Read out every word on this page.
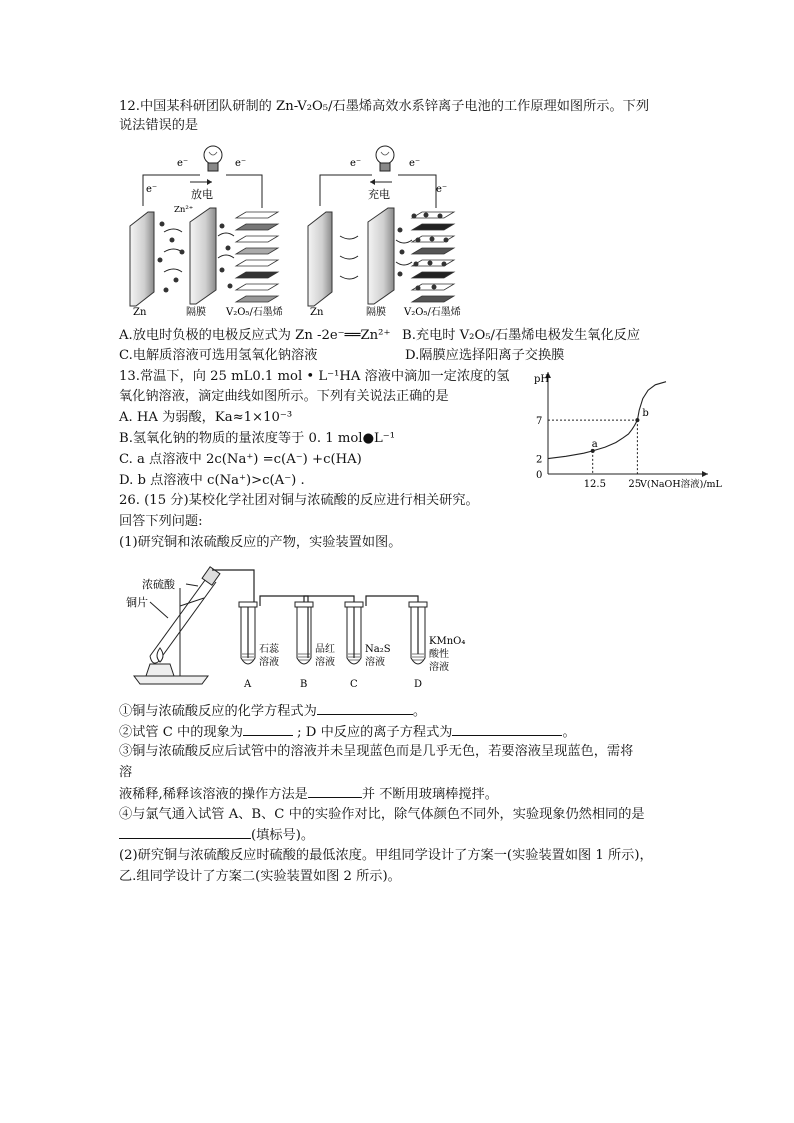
12.中国某科研团队研制的 Zn-V₂O₅/石墨烯高效水系锌离子电池的工作原理如图所示。下列
说法错误的是
e⁻	e⁻
e⁻	放电
Zn²⁺
Zn	隔膜 V₂O₅/石墨烯
e⁻	e⁻
e⁻
充电
Zn	隔膜 V₂O₅/石墨烯
A.放电时负极的电极反应式为 Zn -2e⁻══Zn²⁺ B.充电时 V₂O₅/石墨烯电极发生氧化反应
C.电解质溶液可选用氢氧化钠溶液	D.隔膜应选择阳离子交换膜
13.常温下，向 25 mL0.1 mol • L⁻¹HA 溶液中滴加一定浓度的氢
氧化钠溶液，滴定曲线如图所示。下列有关说法正确的是
A. HA 为弱酸，Ka≈1×10⁻³
B.氢氧化钠的物质的量浓度等于 0. 1 mol●L⁻¹
C. a 点溶液中 2c(Na⁺) =c(A⁻) +c(HA)
D. b 点溶液中 c(Na⁺)>c(A⁻) .	0
pH
V(NaOH溶液)/mL
2
7
12.5 25
a
b
26. (15 分)某校化学社团对铜与浓硫酸的反应进行相关研究。
回答下列问题:
(1)研究铜和浓硫酸反应的产物，实验装置如图。
浓硫酸
铜片
石蕊
溶液
A
品红
溶液
B
Na₂S
溶液
C
KMnO₄
酸性
溶液
D
①铜与浓硫酸反应的化学方程式为	。
②试管 C 中的现象为	; D 中反应的离子方程式为	。
③铜与浓硫酸反应后试管中的溶液并未呈现蓝色而是几乎无色，若要溶液呈现蓝色，需将
溶
液稀释,稀释该溶液的操作方法是	并 不断用玻璃棒搅拌。
④与氯气通入试管 A、B、C 中的实验作对比，除气体颜色不同外，实验现象仍然相同的是
(填标号)。
(2)研究铜与浓硫酸反应时硫酸的最低浓度。甲组同学设计了方案一(实验装置如图 1 所示)，
乙.组同学设计了方案二(实验装置如图 2 所示)。
